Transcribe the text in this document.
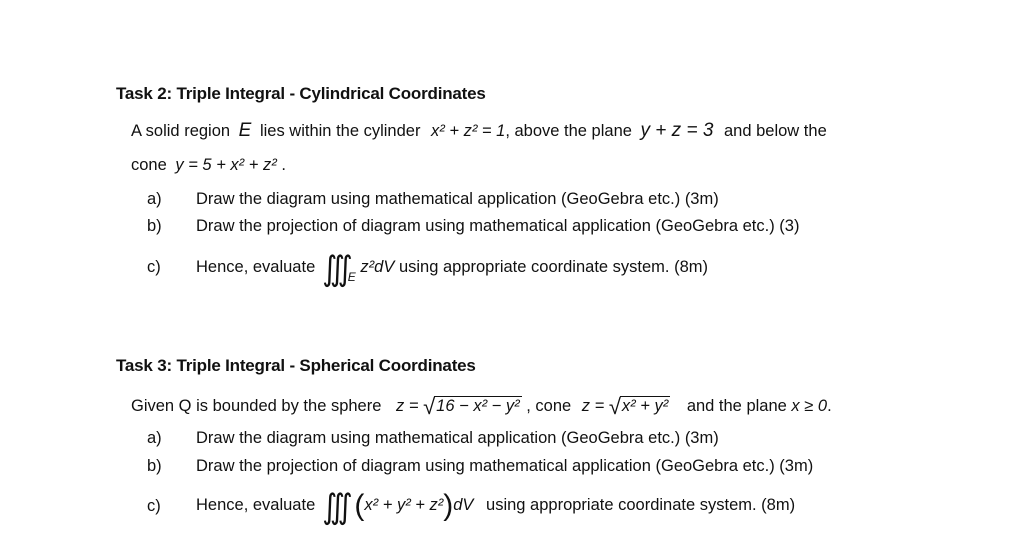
Task 2: Triple Integral - Cylindrical Coordinates
A solid region E lies within the cylinder x² + z² = 1, above the plane y + z = 3 and below the
cone y = 5 + x² + z² .
a) Draw the diagram using mathematical application (GeoGebra etc.) (3m)
b) Draw the projection of diagram using mathematical application (GeoGebra etc.) (3)
c) Hence, evaluate $∭_E$ z²dV using appropriate coordinate system. (8m)
Task 3: Triple Integral - Spherical Coordinates
Given Q is bounded by the sphere z = √16 − x² − y² , cone z = √x² + y² and the plane x ≥ 0.
a) Draw the diagram using mathematical application (GeoGebra etc.) (3m)
b) Draw the projection of diagram using mathematical application (GeoGebra etc.) (3m)
c) Hence, evaluate ∭ (x² + y² + z²)dV using appropriate coordinate system. (8m)
